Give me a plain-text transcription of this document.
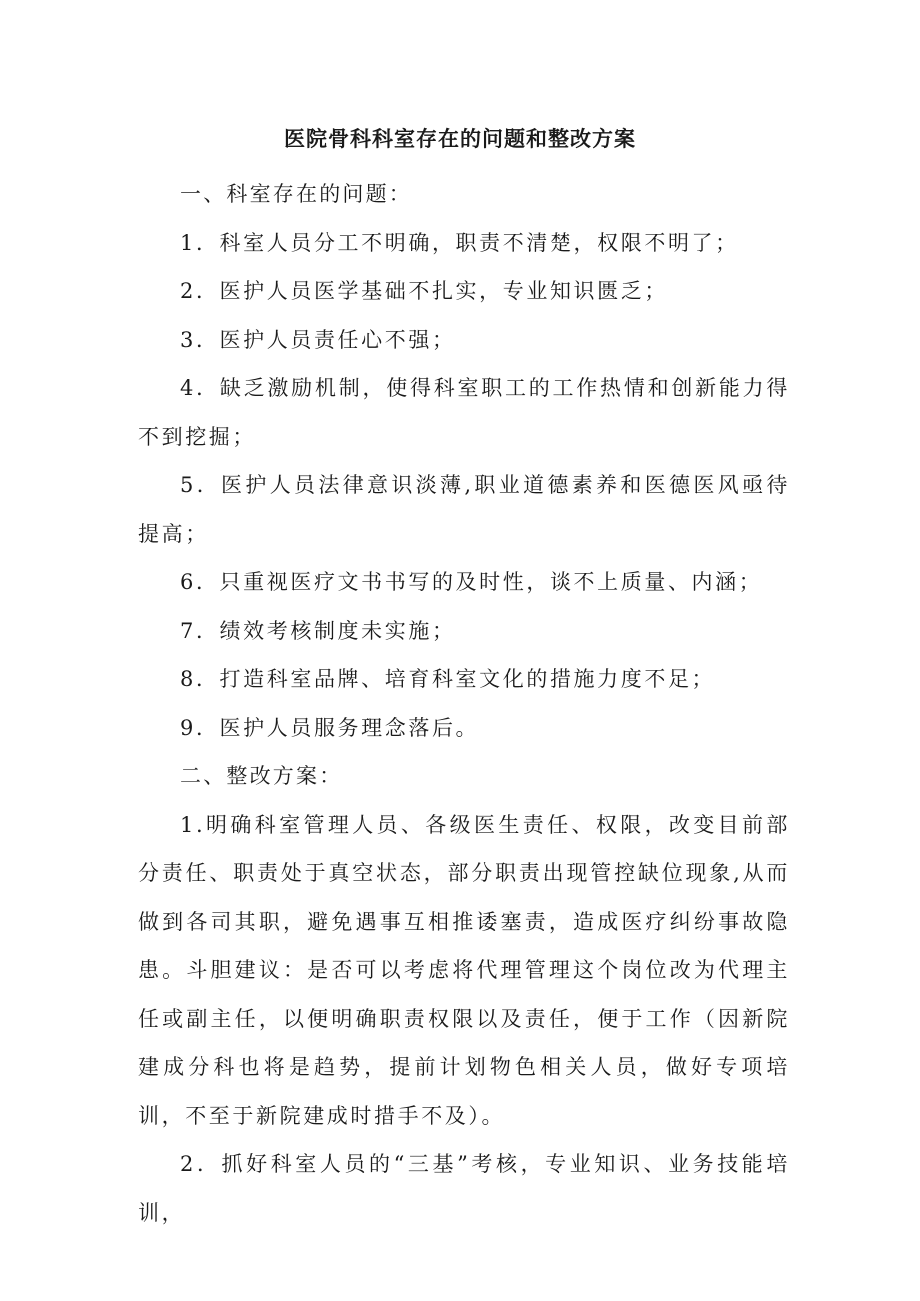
医院骨科科室存在的问题和整改方案

一、科室存在的问题：

1．科室人员分工不明确，职责不清楚，权限不明了；

2．医护人员医学基础不扎实，专业知识匮乏；

3．医护人员责任心不强；

4．缺乏激励机制，使得科室职工的工作热情和创新能力得不到挖掘；

5．医护人员法律意识淡薄,职业道德素养和医德医风亟待提高；

6．只重视医疗文书书写的及时性，谈不上质量、内涵；

7．绩效考核制度未实施；

8．打造科室品牌、培育科室文化的措施力度不足；

9．医护人员服务理念落后。

二、整改方案：

1.明确科室管理人员、各级医生责任、权限，改变目前部分责任、职责处于真空状态，部分职责出现管控缺位现象,从而做到各司其职，避免遇事互相推诿塞责，造成医疗纠纷事故隐患。斗胆建议：是否可以考虑将代理管理这个岗位改为代理主任或副主任，以便明确职责权限以及责任，便于工作（因新院建成分科也将是趋势，提前计划物色相关人员，做好专项培训，不至于新院建成时措手不及）。

2．抓好科室人员的“三基”考核，专业知识、业务技能培训，
